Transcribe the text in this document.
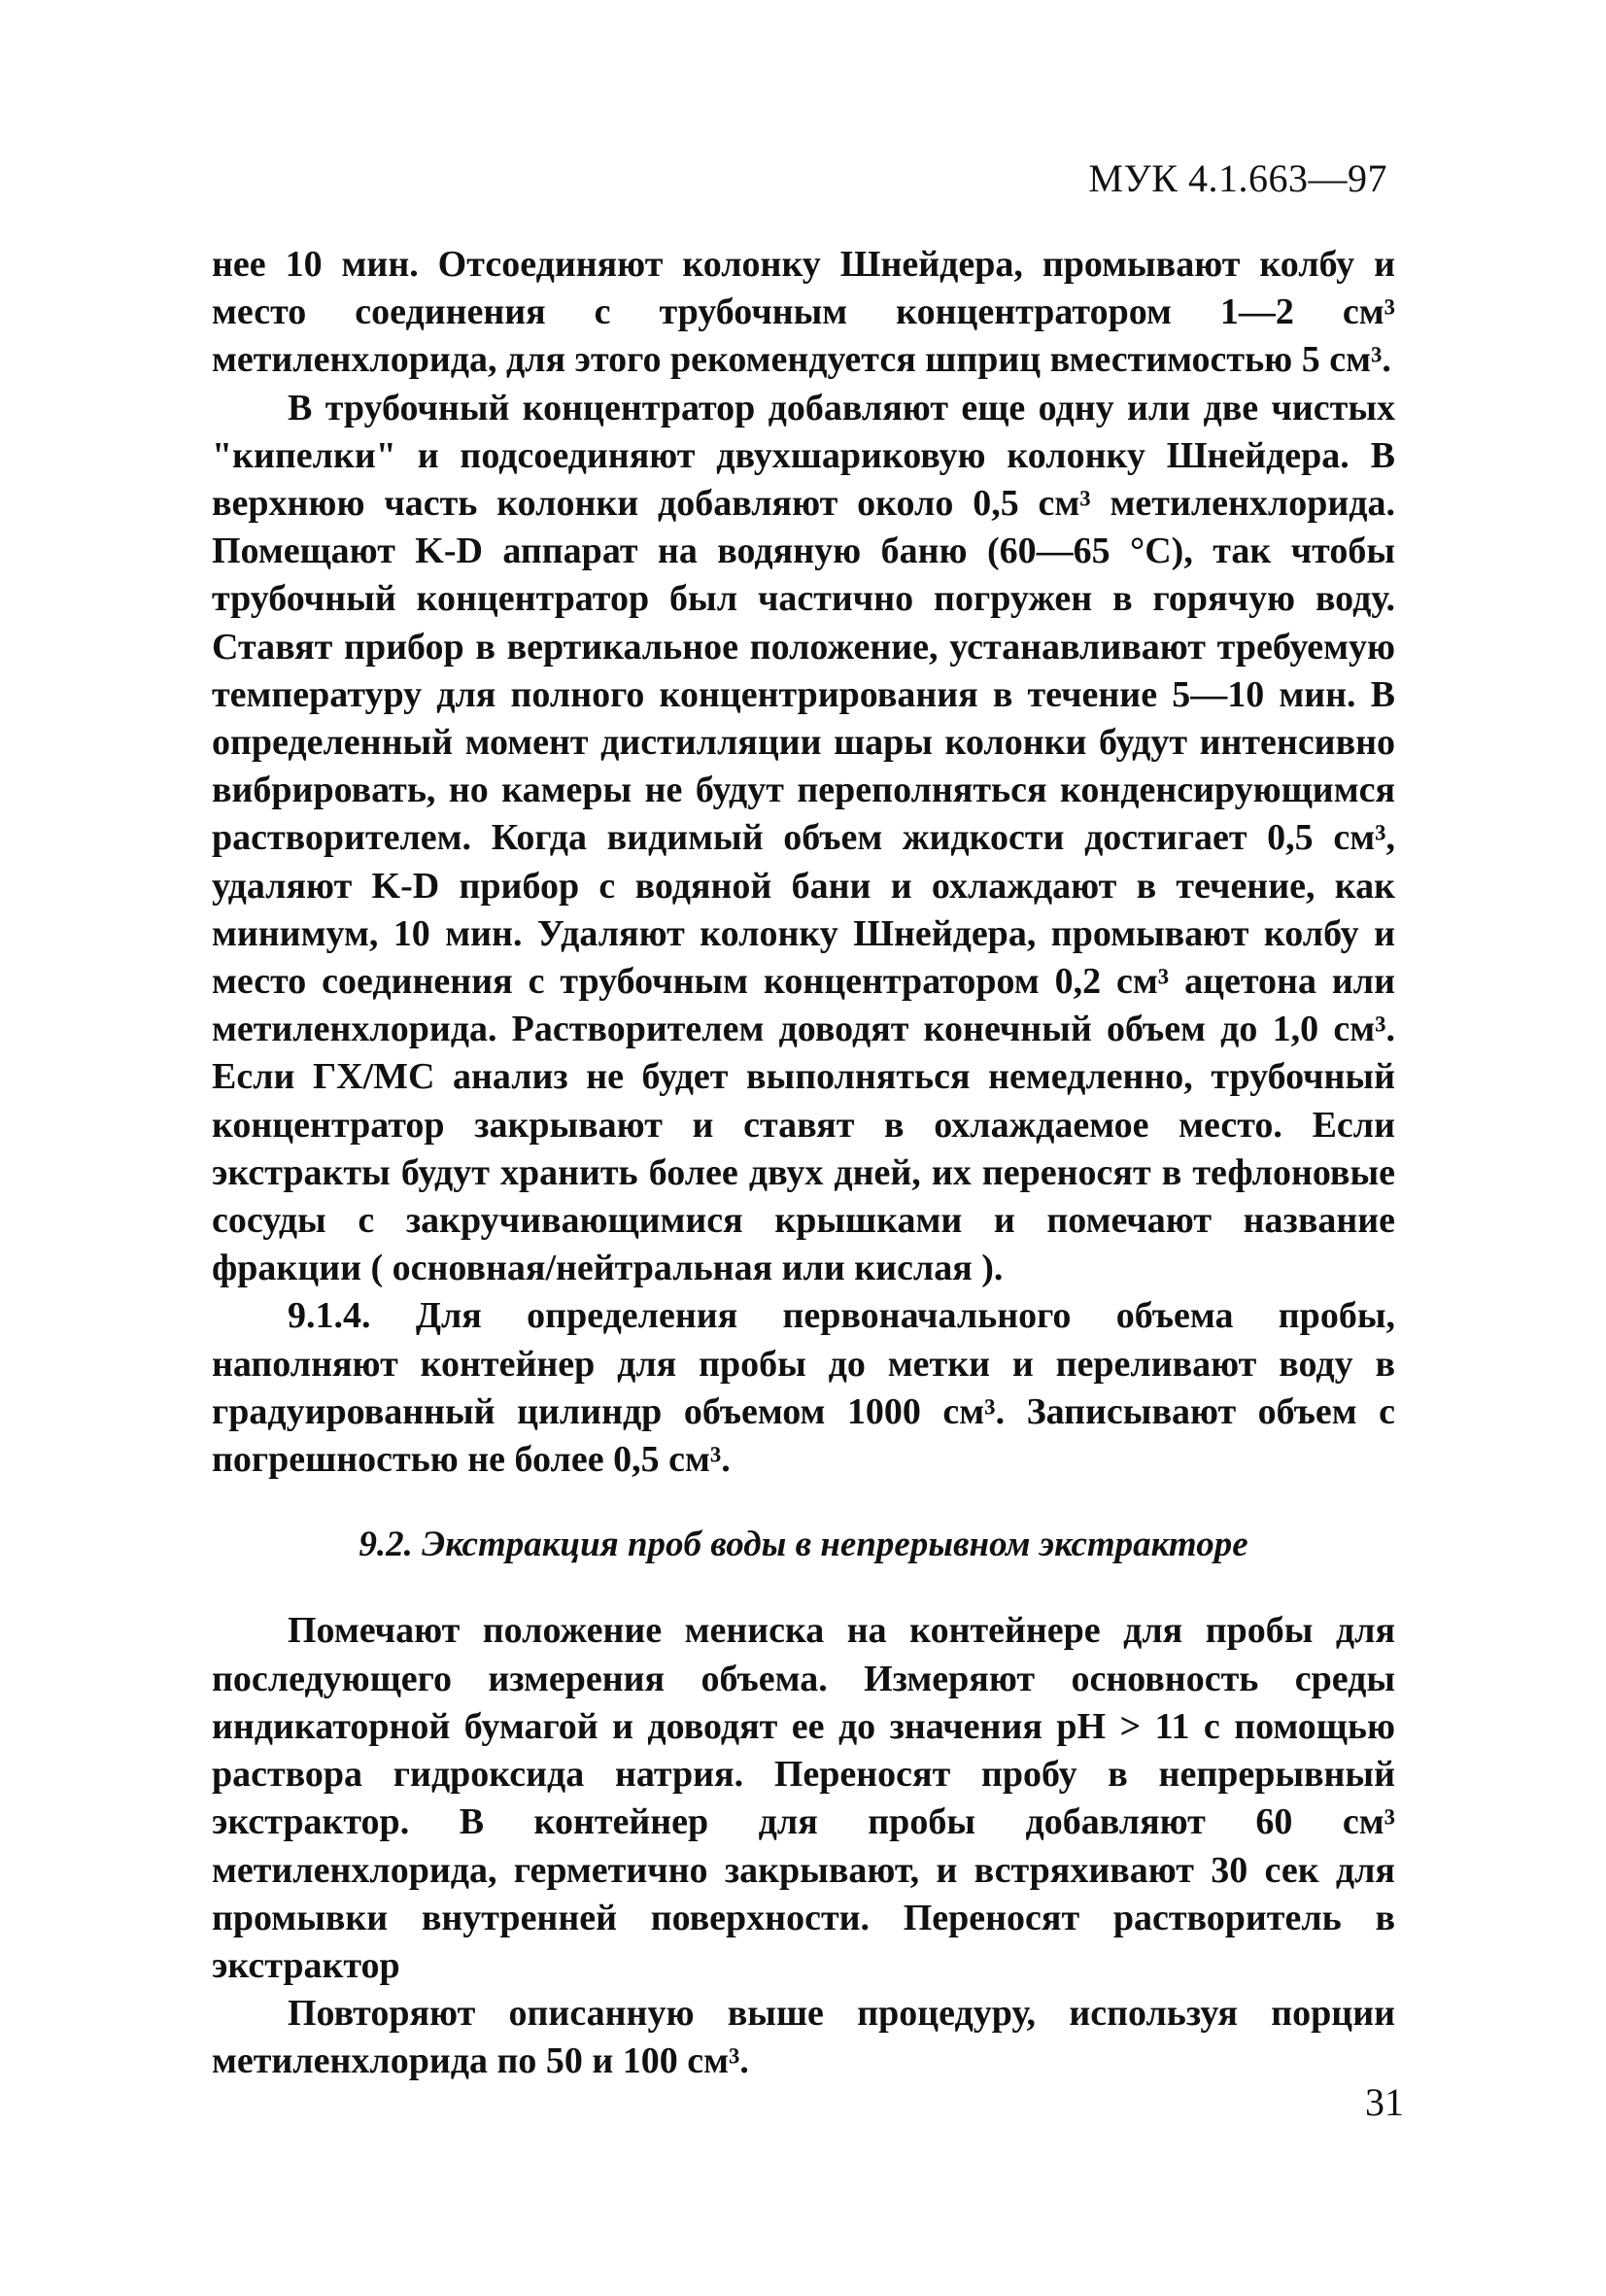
МУК 4.1.663—97

нее 10 мин. Отсоединяют колонку Шнейдера, промывают колбу и место соединения с трубочным концентратором 1—2 см³ метиленхлорида, для этого рекомендуется шприц вместимостью 5 см³.

В трубочный концентратор добавляют еще одну или две чистых "кипелки" и подсоединяют двухшариковую колонку Шнейдера. В верхнюю часть колонки добавляют около 0,5 см³ метиленхлорида. Помещают K-D аппарат на водяную баню (60—65 °C), так чтобы трубочный концентратор был частично погружен в горячую воду. Ставят прибор в вертикальное положение, устанавливают требуемую температуру для полного концентрирования в течение 5—10 мин. В определенный момент дистилляции шары колонки будут интенсивно вибрировать, но камеры не будут переполняться конденсирующимся растворителем. Когда видимый объем жидкости достигает 0,5 см³, удаляют K-D прибор с водяной бани и охлаждают в течение, как минимум, 10 мин. Удаляют колонку Шнейдера, промывают колбу и место соединения с трубочным концентратором 0,2 см³ ацетона или метиленхлорида. Растворителем доводят конечный объем до 1,0 см³. Если ГХ/МС анализ не будет выполняться немедленно, трубочный концентратор закрывают и ставят в охлаждаемое место. Если экстракты будут хранить более двух дней, их переносят в тефлоновые сосуды с закручивающимися крышками и помечают название фракции ( основная/нейтральная или кислая ).

9.1.4. Для определения первоначального объема пробы, наполняют контейнер для пробы до метки и переливают воду в градуированный цилиндр объемом 1000 см³. Записывают объем с погрешностью не более 0,5 см³.

9.2. Экстракция проб воды в непрерывном экстракторе

Помечают положение мениска на контейнере для пробы для последующего измерения объема. Измеряют основность среды индикаторной бумагой и доводят ее до значения pH > 11 с помощью раствора гидроксида натрия. Переносят пробу в непрерывный экстрактор. В контейнер для пробы добавляют 60 см³ метиленхлорида, герметично закрывают, и встряхивают 30 сек для промывки внутренней поверхности. Переносят растворитель в экстрактор

Повторяют описанную выше процедуру, используя порции метиленхлорида по 50 и 100 см³.

31
